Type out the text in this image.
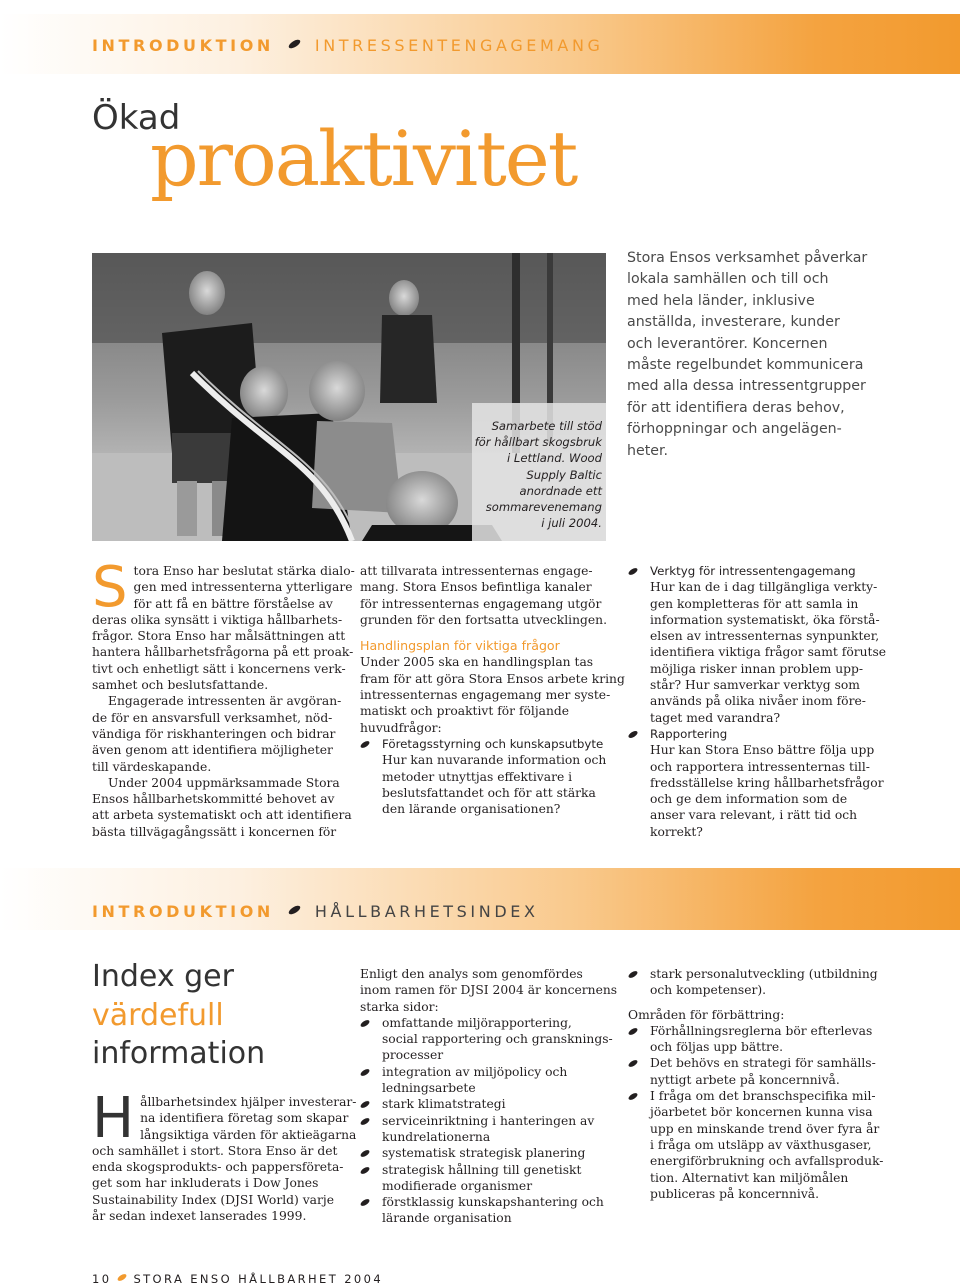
INTRODUKTION	INTRESSENTENGAGEMANG
Ökad
proaktivitet
Samarbete till stöd
för hållbart skogsbruk
i Lettland. Wood
Supply Baltic
anordnade ett
sommarevenemang
i juli 2004.
Stora Ensos verksamhet påverkar
lokala samhällen och till och
med hela länder, inklusive
anställda, investerare, kunder
och leverantörer. Koncernen
måste regelbundet kommunicera
med alla dessa intressentgrupper
för att identifiera deras behov,
förhoppningar och angelägen-
heter.
S tora Enso har beslutat stärka dialo-
gen med intressenterna ytterligare
för att få en bättre förståelse av
deras olika synsätt i viktiga hållbarhets-
frågor. Stora Enso har målsättningen att
hantera hållbarhetsfrågorna på ett proak-
tivt och enhetligt sätt i koncernens verk-
samhet och beslutsfattande.
Engagerade intressenten är avgöran-
de för en ansvarsfull verksamhet, nöd-
vändiga för riskhanteringen och bidrar
även genom att identifiera möjligheter
till värdeskapande.
Under 2004 uppmärksammade Stora
Ensos hållbarhetskommitté behovet av
att arbeta systematiskt och att identifiera
bästa tillvägagångssätt i koncernen för
att tillvarata intressenternas engage-
mang. Stora Ensos befintliga kanaler
för intressenternas engagemang utgör
grunden för den fortsatta utvecklingen.
Handlingsplan för viktiga frågor
Under 2005 ska en handlingsplan tas
fram för att göra Stora Ensos arbete kring
intressenternas engagemang mer syste-
matiskt och proaktivt för följande
huvudfrågor:
Företagsstyrning och kunskapsutbyte
Hur kan nuvarande information och
metoder utnyttjas effektivare i
beslutsfattandet och för att stärka
den lärande organisationen?
Verktyg för intressentengagemang
Hur kan de i dag tillgängliga verkty-
gen kompletteras för att samla in
information systematiskt, öka förstå-
elsen av intressenternas synpunkter,
identifiera viktiga frågor samt förutse
möjliga risker innan problem upp-
står? Hur samverkar verktyg som
används på olika nivåer inom före-
taget med varandra?
Rapportering
Hur kan Stora Enso bättre följa upp
och rapportera intressenternas till-
fredsställelse kring hållbarhetsfrågor
och ge dem information som de
anser vara relevant, i rätt tid och
korrekt?
INTRODUKTION	HÅLLBARHETSINDEX
Index ger
värdefull
information
H ållbarhetsindex hjälper investerar-
na identifiera företag som skapar
långsiktiga värden för aktieägarna
och samhället i stort. Stora Enso är det
enda skogsprodukts- och pappersföreta-
get som har inkluderats i Dow Jones
Sustainability Index (DJSI World) varje
år sedan indexet lanserades 1999.
Enligt den analys som genomfördes
inom ramen för DJSI 2004 är koncernens
starka sidor:
omfattande miljörapportering,
social rapportering och gransknings-
processer
integration av miljöpolicy och
ledningsarbete
stark klimatstrategi
serviceinriktning i hanteringen av
kundrelationerna
systematisk strategisk planering
strategisk hållning till genetiskt
modifierade organismer
förstklassig kunskapshantering och
lärande organisation
stark personalutveckling (utbildning
och kompetenser).
Områden för förbättring:
Förhållningsreglerna bör efterlevas
och följas upp bättre.
Det behövs en strategi för samhälls-
nyttigt arbete på koncernnivå.
I fråga om det branschspecifika mil-
jöarbetet bör koncernen kunna visa
upp en minskande trend över fyra år
i fråga om utsläpp av växthusgaser,
energiförbrukning och avfallsproduk-
tion. Alternativt kan miljömålen
publiceras på koncernnivå.
10 STORA ENSO HÅLLBARHET 2004
